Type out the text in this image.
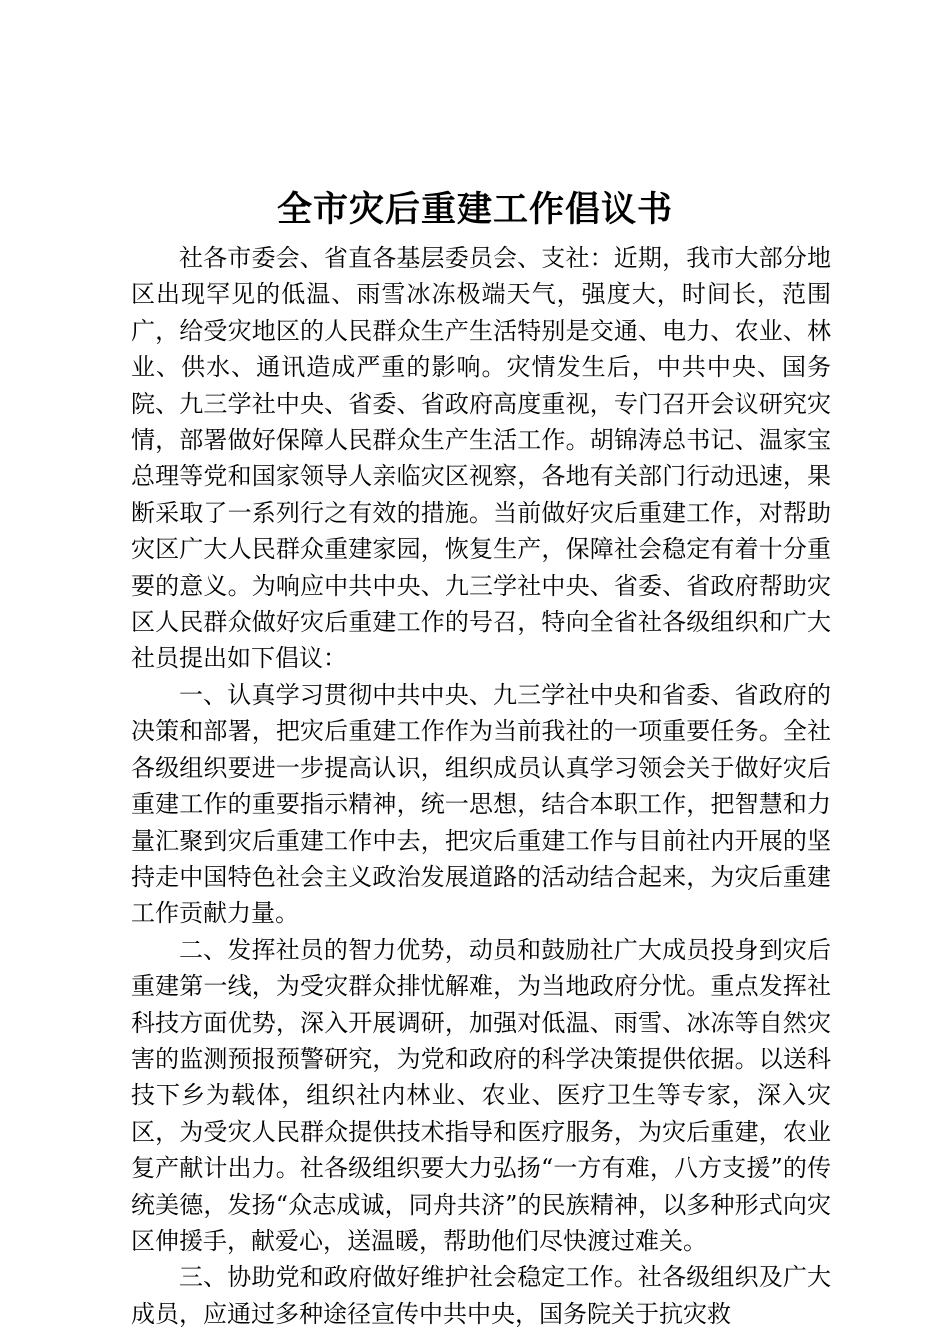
全市灾后重建工作倡议书

社各市委会、省直各基层委员会、支社：近期，我市大部分地区出现罕见的低温、雨雪冰冻极端天气，强度大，时间长，范围广，给受灾地区的人民群众生产生活特别是交通、电力、农业、林业、供水、通讯造成严重的影响。灾情发生后，中共中央、国务院、九三学社中央、省委、省政府高度重视，专门召开会议研究灾情，部署做好保障人民群众生产生活工作。胡锦涛总书记、温家宝总理等党和国家领导人亲临灾区视察，各地有关部门行动迅速，果断采取了一系列行之有效的措施。当前做好灾后重建工作，对帮助灾区广大人民群众重建家园，恢复生产，保障社会稳定有着十分重要的意义。为响应中共中央、九三学社中央、省委、省政府帮助灾区人民群众做好灾后重建工作的号召，特向全省社各级组织和广大社员提出如下倡议：

一、认真学习贯彻中共中央、九三学社中央和省委、省政府的决策和部署，把灾后重建工作作为当前我社的一项重要任务。全社各级组织要进一步提高认识，组织成员认真学习领会关于做好灾后重建工作的重要指示精神，统一思想，结合本职工作，把智慧和力量汇聚到灾后重建工作中去，把灾后重建工作与目前社内开展的坚持走中国特色社会主义政治发展道路的活动结合起来，为灾后重建工作贡献力量。

二、发挥社员的智力优势，动员和鼓励社广大成员投身到灾后重建第一线，为受灾群众排忧解难，为当地政府分忧。重点发挥社科技方面优势，深入开展调研，加强对低温、雨雪、冰冻等自然灾害的监测预报预警研究，为党和政府的科学决策提供依据。以送科技下乡为载体，组织社内林业、农业、医疗卫生等专家，深入灾区，为受灾人民群众提供技术指导和医疗服务，为灾后重建，农业复产献计出力。社各级组织要大力弘扬“一方有难，八方支援”的传统美德，发扬“众志成诚，同舟共济”的民族精神，以多种形式向灾区伸援手，献爱心，送温暖，帮助他们尽快渡过难关。

三、协助党和政府做好维护社会稳定工作。社各级组织及广大成员，应通过多种途径宣传中共中央，国务院关于抗灾救
